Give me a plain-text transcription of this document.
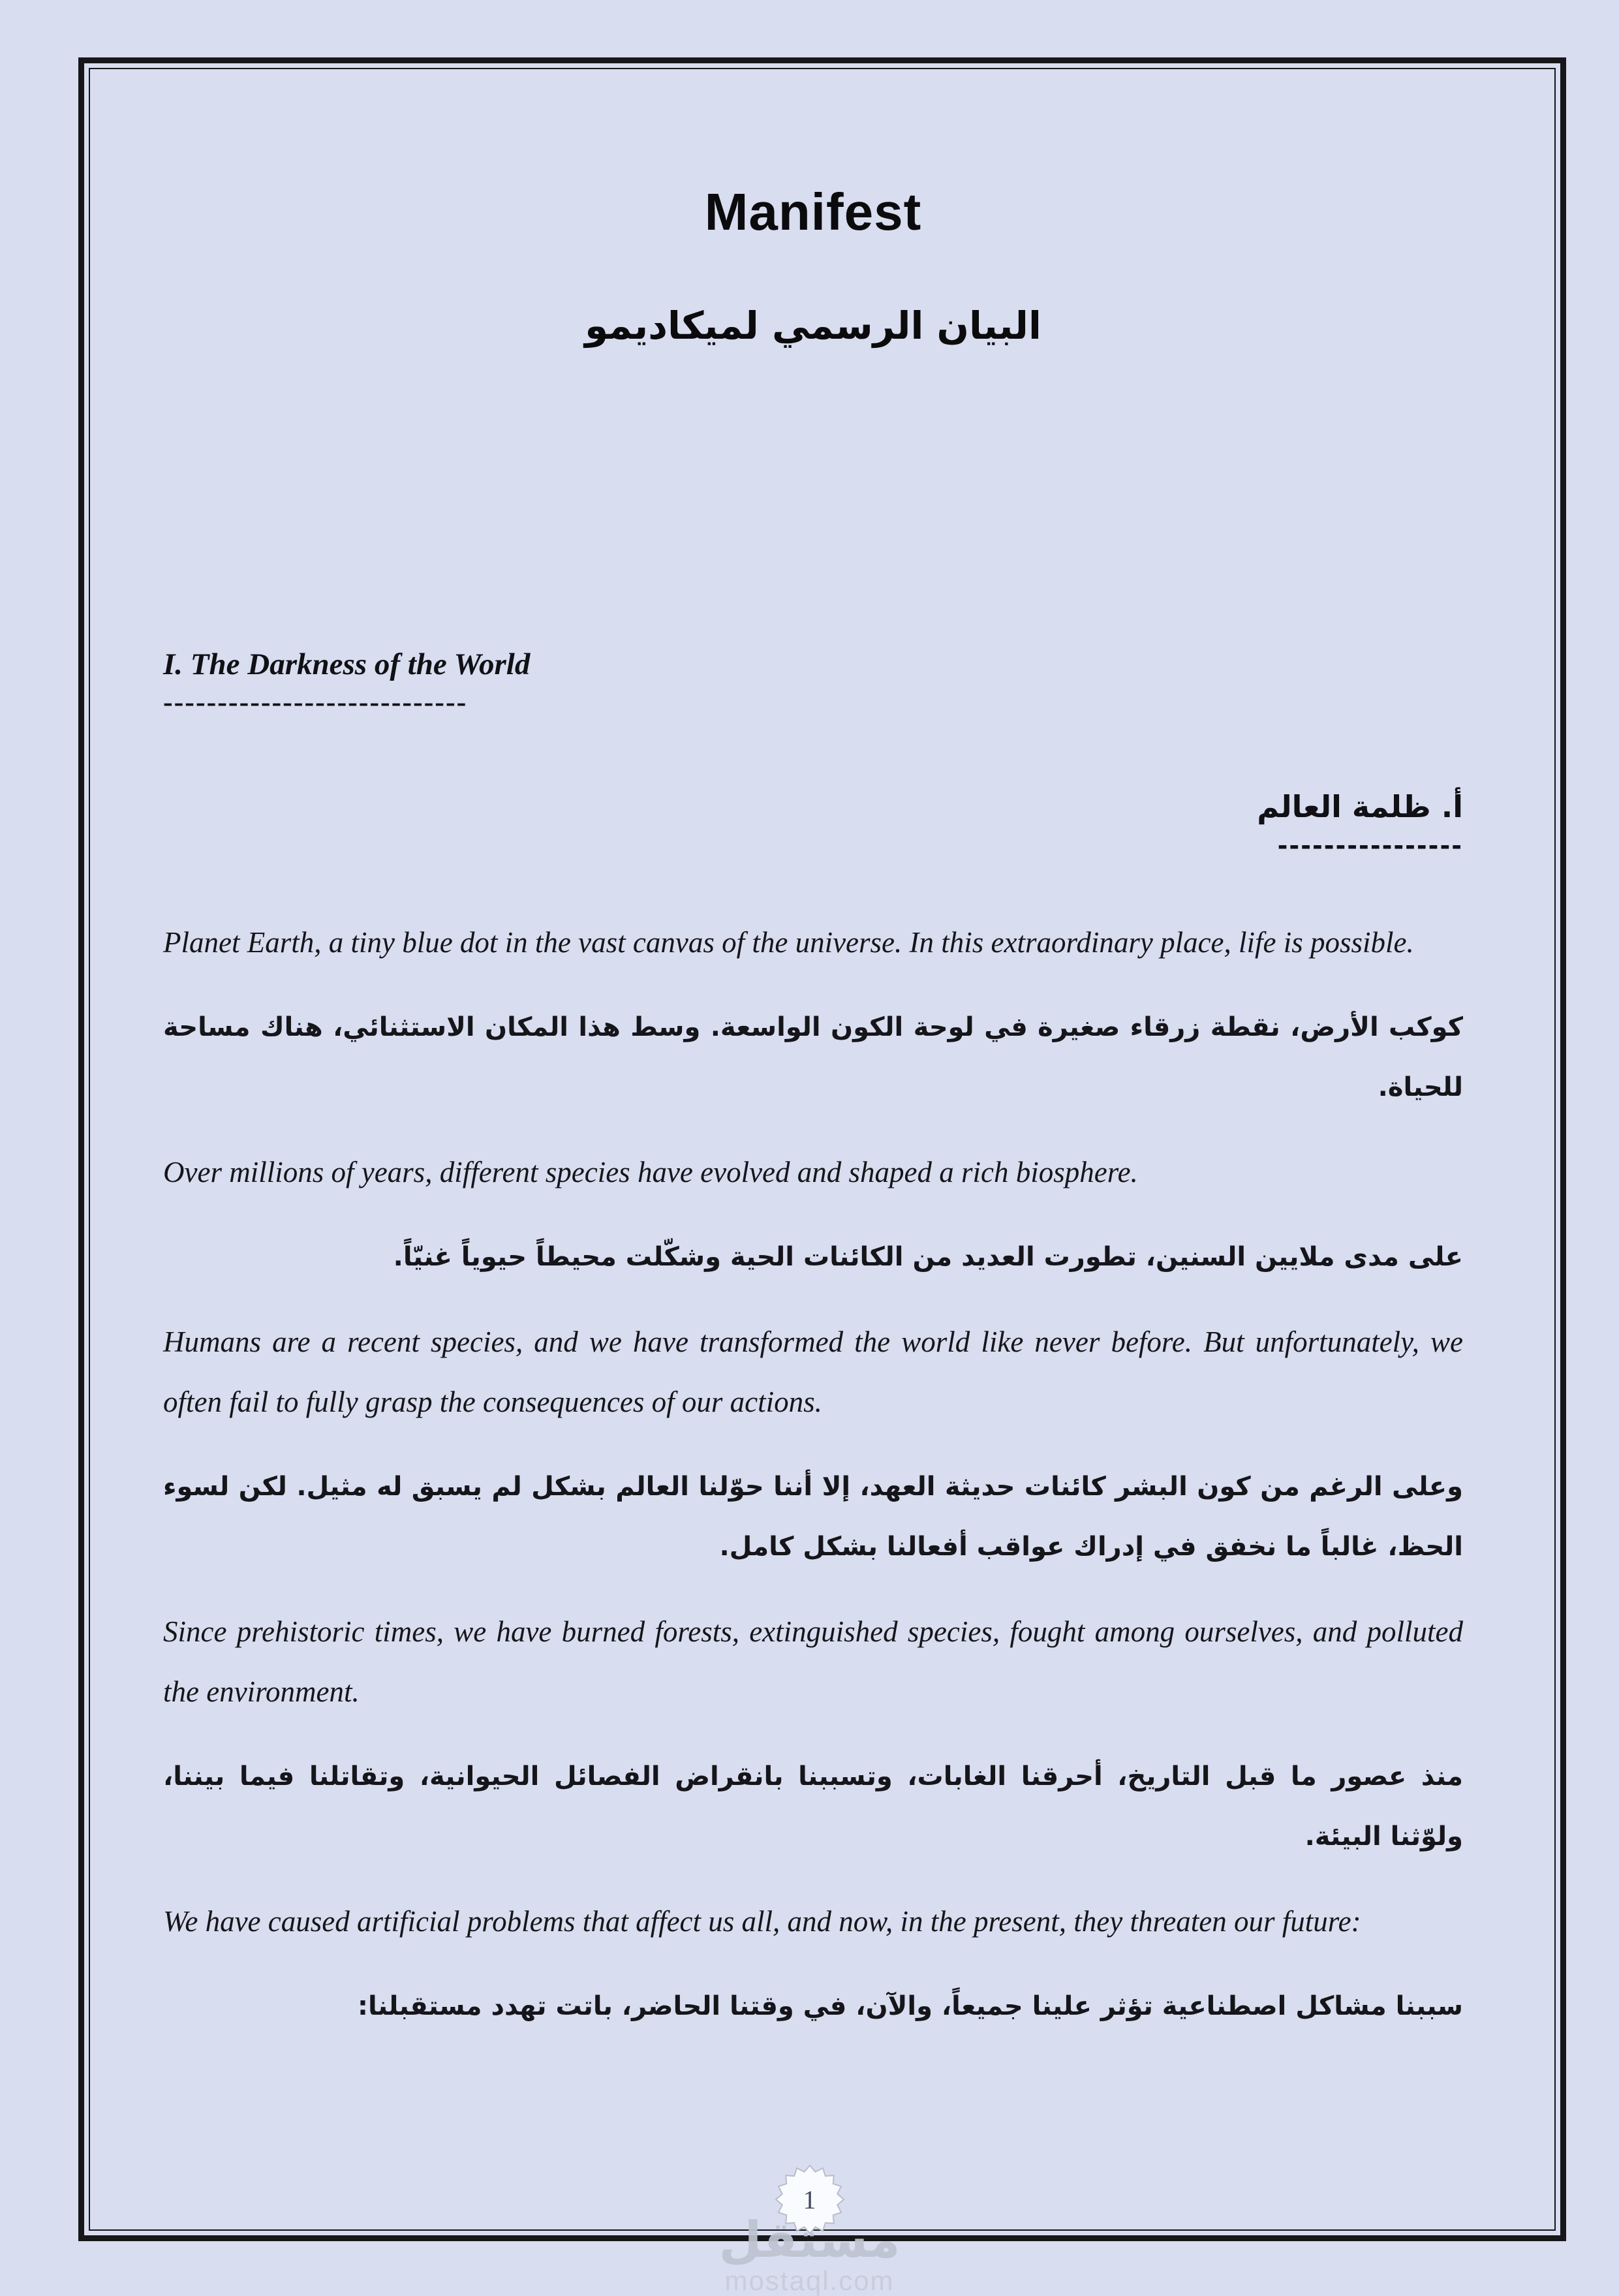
Manifest
البيان الرسمي لميكاديمو
I. The Darkness of the World
----------------------------
أ. ظلمة العالم
----------------

Planet Earth, a tiny blue dot in the vast canvas of the universe. In this extraordinary place, life is possible.

كوكب الأرض، نقطة زرقاء صغيرة في لوحة الكون الواسعة. وسط هذا المكان الاستثنائي، هناك مساحة للحياة.

Over millions of years, different species have evolved and shaped a rich biosphere.

على مدى ملايين السنين، تطورت العديد من الكائنات الحية وشكّلت محيطاً حيوياً غنيّاً.

Humans are a recent species, and we have transformed the world like never before. But unfortunately, we often fail to fully grasp the consequences of our actions.

وعلى الرغم من كون البشر كائنات حديثة العهد، إلا أننا حوّلنا العالم بشكل لم يسبق له مثيل. لكن لسوء الحظ، غالباً ما نخفق في إدراك عواقب أفعالنا بشكل كامل.

Since prehistoric times, we have burned forests, extinguished species, fought among ourselves, and polluted the environment.

منذ عصور ما قبل التاريخ، أحرقنا الغابات، وتسببنا بانقراض الفصائل الحيوانية، وتقاتلنا فيما بيننا، ولوّثنا البيئة.

We have caused artificial problems that affect us all, and now, in the present, they threaten our future:

سببنا مشاكل اصطناعية تؤثر علينا جميعاً، والآن، في وقتنا الحاضر، باتت تهدد مستقبلنا:

1
مستقل
mostaql.com
